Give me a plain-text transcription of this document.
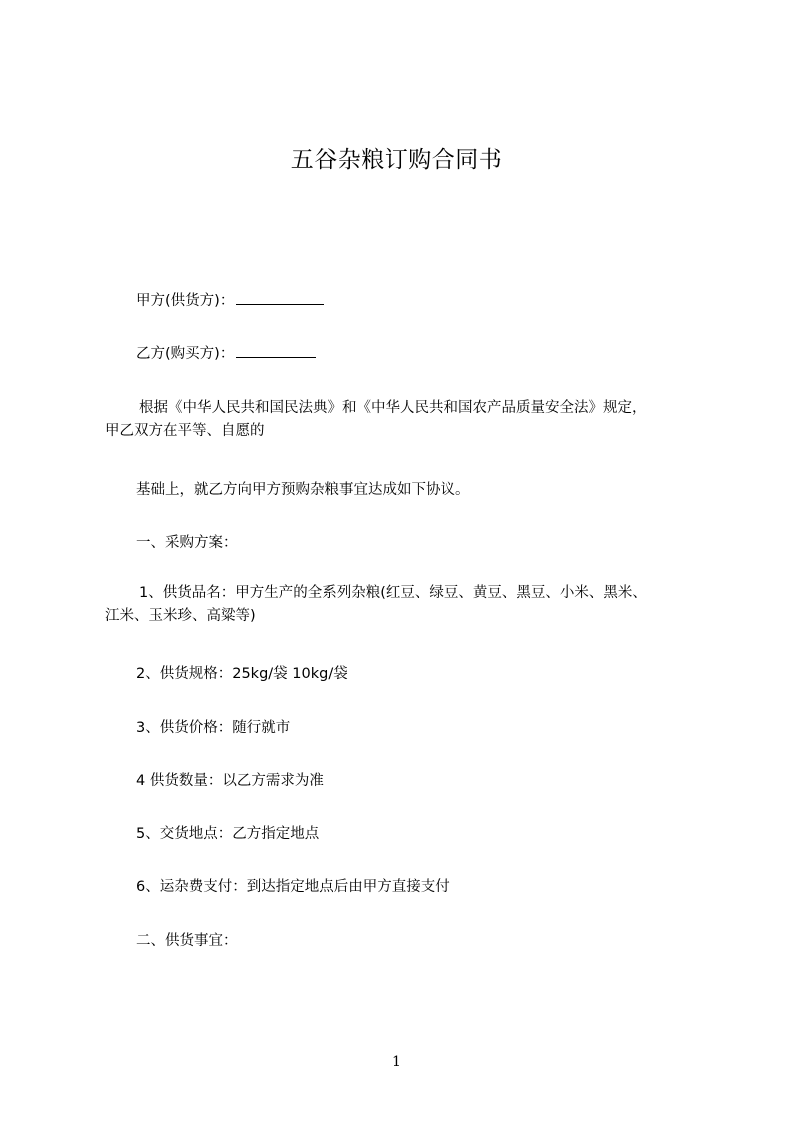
五谷杂粮订购合同书
甲方(供货方)：
乙方(购买方)：
根据《中华人民共和国民法典》和《中华人民共和国农产品质量安全法》规定，
甲乙双方在平等、自愿的
基础上，就乙方向甲方预购杂粮事宜达成如下协议。
一、采购方案：
1、供货品名：甲方生产的全系列杂粮(红豆、绿豆、黄豆、黑豆、小米、黑米、
江米、玉米珍、高粱等)
2、供货规格：25kg/袋 10kg/袋
3、供货价格：随行就市
4 供货数量：以乙方需求为准
5、交货地点：乙方指定地点
6、运杂费支付：到达指定地点后由甲方直接支付
二、供货事宜：
1
